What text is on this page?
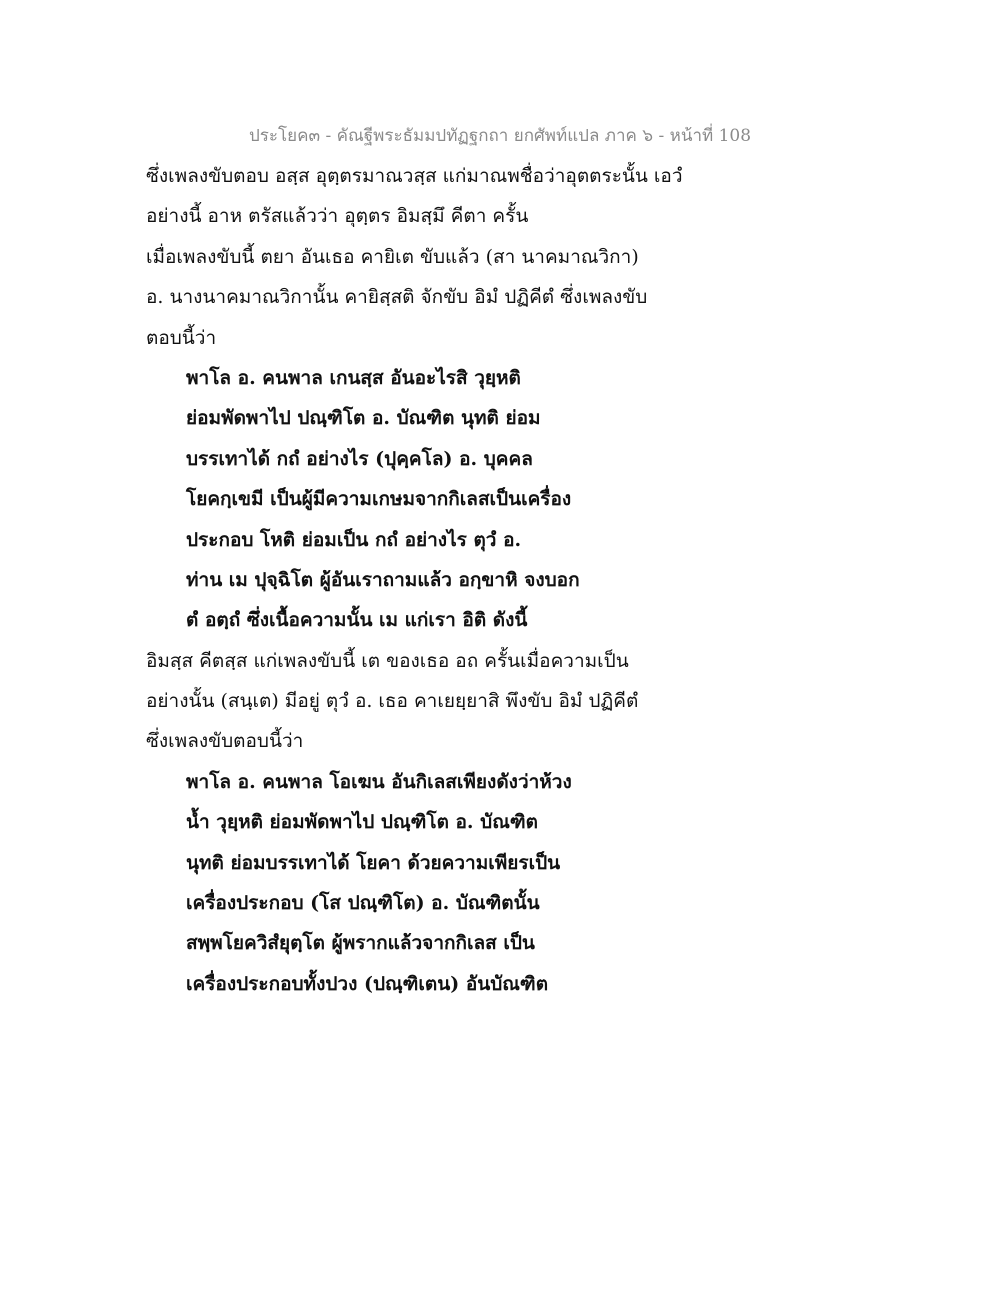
ประโยค๓ - คัณฐีพระธัมมปทัฏฐกถา ยกศัพท์แปล ภาค ๖ - หน้าที่ 108
ซึ่งเพลงขับตอบ อสฺส อุตฺตรมาณวสฺส แก่มาณพชื่อว่าอุตตระนั้น เอวํ
อย่างนี้ อาห ตรัสแล้วว่า อุตฺตร อิมสฺมึ คีตา ครั้น
เมื่อเพลงขับนี้ ตยา อันเธอ คายิเต ขับแล้ว (สา นาคมาณวิกา)
อ. นางนาคมาณวิกานั้น คายิสฺสติ จักขับ อิมํ ปฏิคีตํ ซึ่งเพลงขับ
ตอบนี้ว่า
พาโล อ. คนพาล เกนสฺส อันอะไรสิ วุยฺหติ
ย่อมพัดพาไป ปณฺฑิโต อ. บัณฑิต นุทติ ย่อม
บรรเทาได้ กถํ อย่างไร (ปุคฺคโล) อ. บุคคล
โยคกฺเขมี เป็นผู้มีความเกษมจากกิเลสเป็นเครื่อง
ประกอบ โหติ ย่อมเป็น กถํ อย่างไร ตุวํ อ.
ท่าน เม ปุจฺฉิโต ผู้อันเราถามแล้ว อกฺขาหิ จงบอก
ตํ อตฺถํ ซึ่งเนื้อความนั้น เม แก่เรา อิติ ดังนี้
อิมสฺส คีตสฺส แก่เพลงขับนี้ เต ของเธอ อถ ครั้นเมื่อความเป็น
อย่างนั้น (สนฺเต) มีอยู่ ตุวํ อ. เธอ คาเยยฺยาสิ พึงขับ อิมํ ปฏิคีตํ
ซึ่งเพลงขับตอบนี้ว่า
พาโล อ. คนพาล โอเฆน อันกิเลสเพียงดังว่าห้วง
น้ำ วุยฺหติ ย่อมพัดพาไป ปณฺฑิโต อ. บัณฑิต
นุทติ ย่อมบรรเทาได้ โยคา ด้วยความเพียรเป็น
เครื่องประกอบ (โส ปณฺฑิโต) อ. บัณฑิตนั้น
สพฺพโยควิสํยุตฺโต ผู้พรากแล้วจากกิเลส เป็น
เครื่องประกอบทั้งปวง (ปณฺฑิเตน) อันบัณฑิต
